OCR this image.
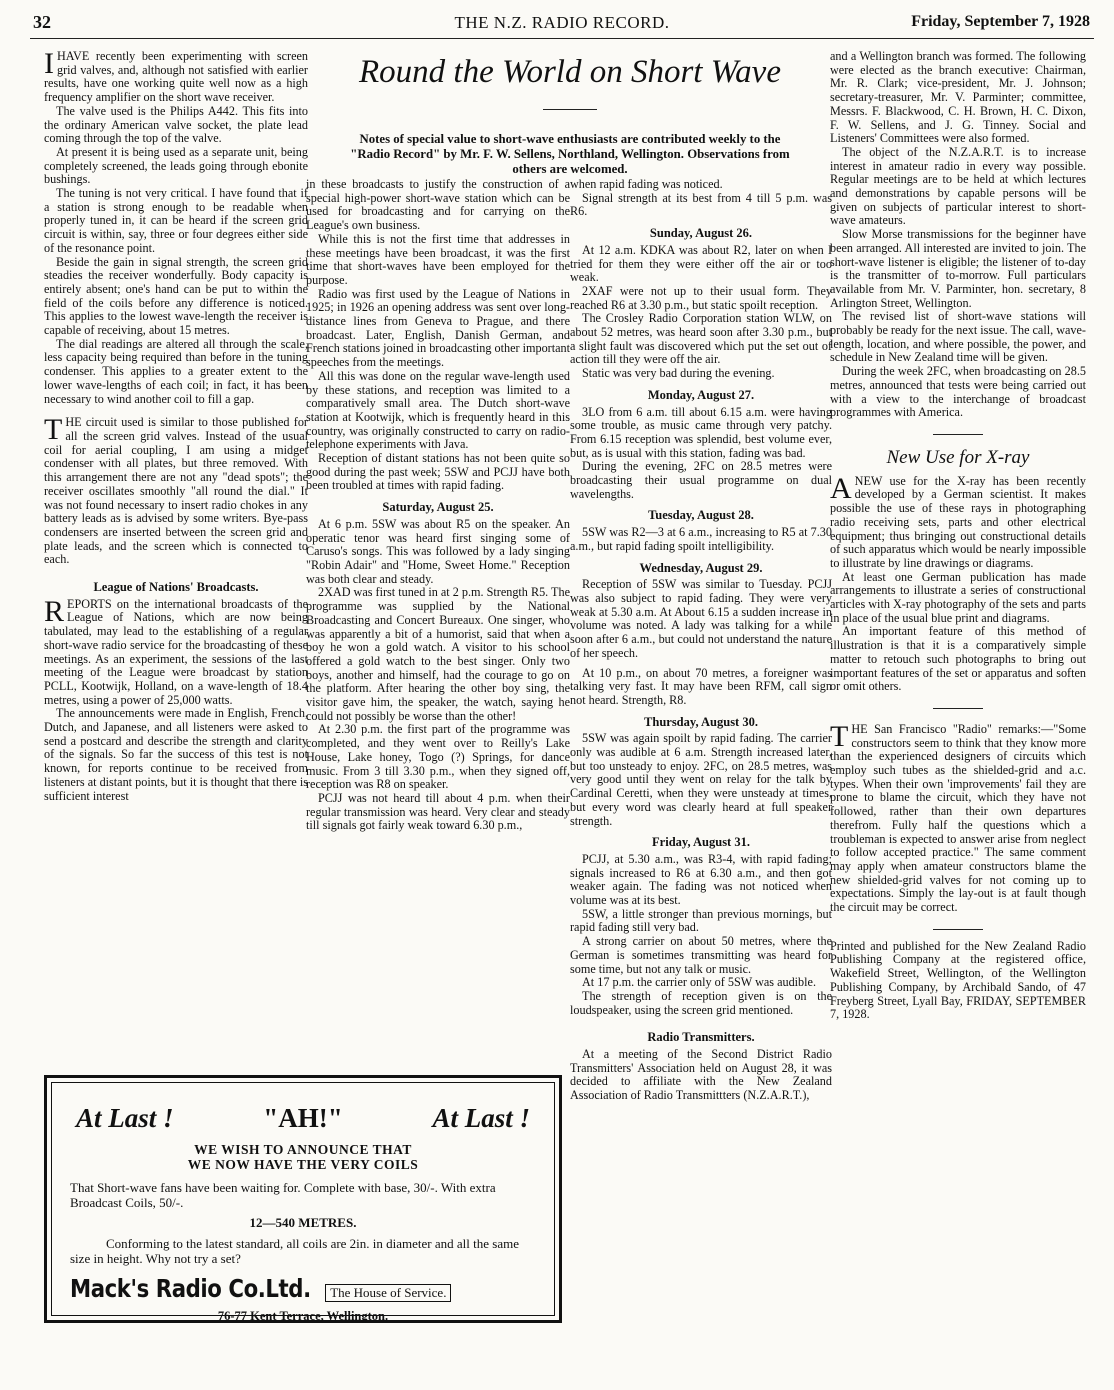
32	THE N.Z. RADIO RECORD.	Friday, September 7, 1928
Round the World on Short Wave
Notes of special value to short-wave enthusiasts are contributed weekly to the "Radio Record" by Mr. F. W. Sellens, Northland, Wellington. Observations from others are welcomed.

IHAVE recently been experimenting with screen grid valves, and, although not satisfied with earlier results, have one working quite well now as a high frequency amplifier on the short wave receiver.

The valve used is the Philips A442. This fits into the ordinary American valve socket, the plate lead coming through the top of the valve.

At present it is being used as a separate unit, being completely screened, the leads going through ebonite bushings.

The tuning is not very critical. I have found that if a station is strong enough to be readable when properly tuned in, it can be heard if the screen grid circuit is within, say, three or four degrees either side of the resonance point.

Beside the gain in signal strength, the screen grid steadies the receiver wonderfully. Body capacity is entirely absent; one's hand can be put to within the field of the coils before any difference is noticed. This applies to the lowest wave-length the receiver is capable of receiving, about 15 metres.

The dial readings are altered all through the scale, less capacity being required than before in the tuning condenser. This applies to a greater extent to the lower wave-lengths of each coil; in fact, it has been necessary to wind another coil to fill a gap.

THE circuit used is similar to those published for all the screen grid valves. Instead of the usual coil for aerial coupling, I am using a midget condenser with all plates, but three removed. With this arrangement there are not any "dead spots"; the receiver oscillates smoothly "all round the dial." It was not found necessary to insert radio chokes in any battery leads as is advised by some writers. Bye-pass condensers are inserted between the screen grid and plate leads, and the screen which is connected to each.

League of Nations' Broadcasts.

REPORTS on the international broadcasts of the League of Nations, which are now being tabulated, may lead to the establishing of a regular short-wave radio service for the broadcasting of these meetings. As an experiment, the sessions of the last meeting of the League were broadcast by station PCLL, Kootwijk, Holland, on a wave-length of 18.4 metres, using a power of 25,000 watts.

The announcements were made in English, French, Dutch, and Japanese, and all listeners were asked to send a postcard and describe the strength and clarity of the signals. So far the success of this test is not known, for reports continue to be received from listeners at distant points, but it is thought that there is sufficient interest

in these broadcasts to justify the construction of a special high-power short-wave station which can be used for broadcasting and for carrying on the League's own business.

While this is not the first time that addresses in these meetings have been broadcast, it was the first time that short-waves have been employed for the purpose.

Radio was first used by the League of Nations in 1925; in 1926 an opening address was sent over long-distance lines from Geneva to Prague, and there broadcast. Later, English, Danish German, and French stations joined in broadcasting other important speeches from the meetings.

All this was done on the regular wave-length used by these stations, and reception was limited to a comparatively small area. The Dutch short-wave station at Kootwijk, which is frequently heard in this country, was originally constructed to carry on radio-telephone experiments with Java.

Reception of distant stations has not been quite so good during the past week; 5SW and PCJJ have both been troubled at times with rapid fading.

Saturday, August 25.

At 6 p.m. 5SW was about R5 on the speaker. An operatic tenor was heard first singing some of Caruso's songs. This was followed by a lady singing "Robin Adair" and "Home, Sweet Home." Reception was both clear and steady.

2XAD was first tuned in at 2 p.m. Strength R5. The programme was supplied by the National Broadcasting and Concert Bureaux. One singer, who was apparently a bit of a humorist, said that when a boy he won a gold watch. A visitor to his school offered a gold watch to the best singer. Only two boys, another and himself, had the courage to go on the platform. After hearing the other boy sing, the visitor gave him, the speaker, the watch, saying he could not possibly be worse than the other!

At 2.30 p.m. the first part of the programme was completed, and they went over to Reilly's Lake House, Lake honey, Togo (?) Springs, for dance music. From 3 till 3.30 p.m., when they signed off, reception was R8 on speaker.

PCJJ was not heard till about 4 p.m. when their regular transmission was heard. Very clear and steady till signals got fairly weak toward 6.30 p.m.,

when rapid fading was noticed.

Signal strength at its best from 4 till 5 p.m. was R6.

Sunday, August 26.

At 12 a.m. KDKA was about R2, later on when I tried for them they were either off the air or too weak.

2XAF were not up to their usual form. They reached R6 at 3.30 p.m., but static spoilt reception.

The Crosley Radio Corporation station WLW, on about 52 metres, was heard soon after 3.30 p.m., but a slight fault was discovered which put the set out of action till they were off the air.

Static was very bad during the evening.

Monday, August 27.

3LO from 6 a.m. till about 6.15 a.m. were having some trouble, as music came through very patchy. From 6.15 reception was splendid, best volume ever, but, as is usual with this station, fading was bad.

During the evening, 2FC on 28.5 metres were broadcasting their usual programme on dual wavelengths.

Tuesday, August 28.

5SW was R2—3 at 6 a.m., increasing to R5 at 7.30 a.m., but rapid fading spoilt intelligibility.

Wednesday, August 29.

Reception of 5SW was similar to Tuesday. PCJJ was also subject to rapid fading. They were very weak at 5.30 a.m. At About 6.15 a sudden increase in volume was noted. A lady was talking for a while soon after 6 a.m., but could not understand the nature of her speech.

At 10 p.m., on about 70 metres, a foreigner was talking very fast. It may have been RFM, call sign not heard. Strength, R8.

Thursday, August 30.

5SW was again spoilt by rapid fading. The carrier only was audible at 6 a.m. Strength increased later, but too unsteady to enjoy. 2FC, on 28.5 metres, was very good until they went on relay for the talk by Cardinal Ceretti, when they were unsteady at times, but every word was clearly heard at full speaker strength.

Friday, August 31.

PCJJ, at 5.30 a.m., was R3-4, with rapid fading; signals increased to R6 at 6.30 a.m., and then got weaker again. The fading was not noticed when volume was at its best.

5SW, a little stronger than previous mornings, but rapid fading still very bad.

A strong carrier on about 50 metres, where the German is sometimes transmitting was heard for some time, but not any talk or music.

At 17 p.m. the carrier only of 5SW was audible.

The strength of reception given is on the loudspeaker, using the screen grid mentioned.

Radio Transmitters.

At a meeting of the Second District Radio Transmitters' Association held on August 28, it was decided to affiliate with the New Zealand Association of Radio Transmittters (N.Z.A.R.T.),

and a Wellington branch was formed. The following were elected as the branch executive: Chairman, Mr. R. Clark; vice-president, Mr. J. Johnson; secretary-treasurer, Mr. V. Parminter; committee, Messrs. F. Blackwood, C. H. Brown, H. C. Dixon, F. W. Sellens, and J. G. Tinney. Social and Listeners' Committees were also formed.

The object of the N.Z.A.R.T. is to increase interest in amateur radio in every way possible. Regular meetings are to be held at which lectures and demonstrations by capable persons will be given on subjects of particular interest to short-wave amateurs.

Slow Morse transmissions for the beginner have been arranged. All interested are invited to join. The short-wave listener is eligible; the listener of to-day is the transmitter of to-morrow. Full particulars available from Mr. V. Parminter, hon. secretary, 8 Arlington Street, Wellington.

The revised list of short-wave stations will probably be ready for the next issue. The call, wave-length, location, and where possible, the power, and schedule in New Zealand time will be given.

During the week 2FC, when broadcasting on 28.5 metres, announced that tests were being carried out with a view to the interchange of broadcast programmes with America.

New Use for X-ray

ANEW use for the X-ray has been recently developed by a German scientist. It makes possible the use of these rays in photographing radio receiving sets, parts and other electrical equipment; thus bringing out constructional details of such apparatus which would be nearly impossible to illustrate by line drawings or diagrams.

At least one German publication has made arrangements to illustrate a series of constructional articles with X-ray photography of the sets and parts in place of the usual blue print and diagrams.

An important feature of this method of illustration is that it is a comparatively simple matter to retouch such photographs to bring out important features of the set or apparatus and soften or omit others.

THE San Francisco "Radio" remarks:—"Some constructors seem to think that they know more than the experienced designers of circuits which employ such tubes as the shielded-grid and a.c. types. When their own 'improvements' fail they are prone to blame the circuit, which they have not followed, rather than their own departures therefrom. Fully half the questions which a troubleman is expected to answer arise from neglect to follow accepted practice." The same comment may apply when amateur constructors blame the new shielded-grid valves for not coming up to expectations. Simply the lay-out is at fault though the circuit may be correct.

Printed and published for the New Zealand Radio Publishing Company at the registered office, Wakefield Street, Wellington, of the Wellington Publishing Company, by Archibald Sando, of 47 Freyberg Street, Lyall Bay, FRIDAY, SEPTEMBER 7, 1928.

At Last !	"AH!"	At Last !
WE WISH TO ANNOUNCE THAT
WE NOW HAVE THE VERY COILS
That Short-wave fans have been waiting for. Complete with base, 30/-. With extra Broadcast Coils, 50/-.
12—540 METRES.
Conforming to the latest standard, all coils are 2in. in diameter and all the same size in height. Why not try a set?
Mack's Radio Co.Ltd.	The House of Service.
76-77 Kent Terrace, Wellington.
